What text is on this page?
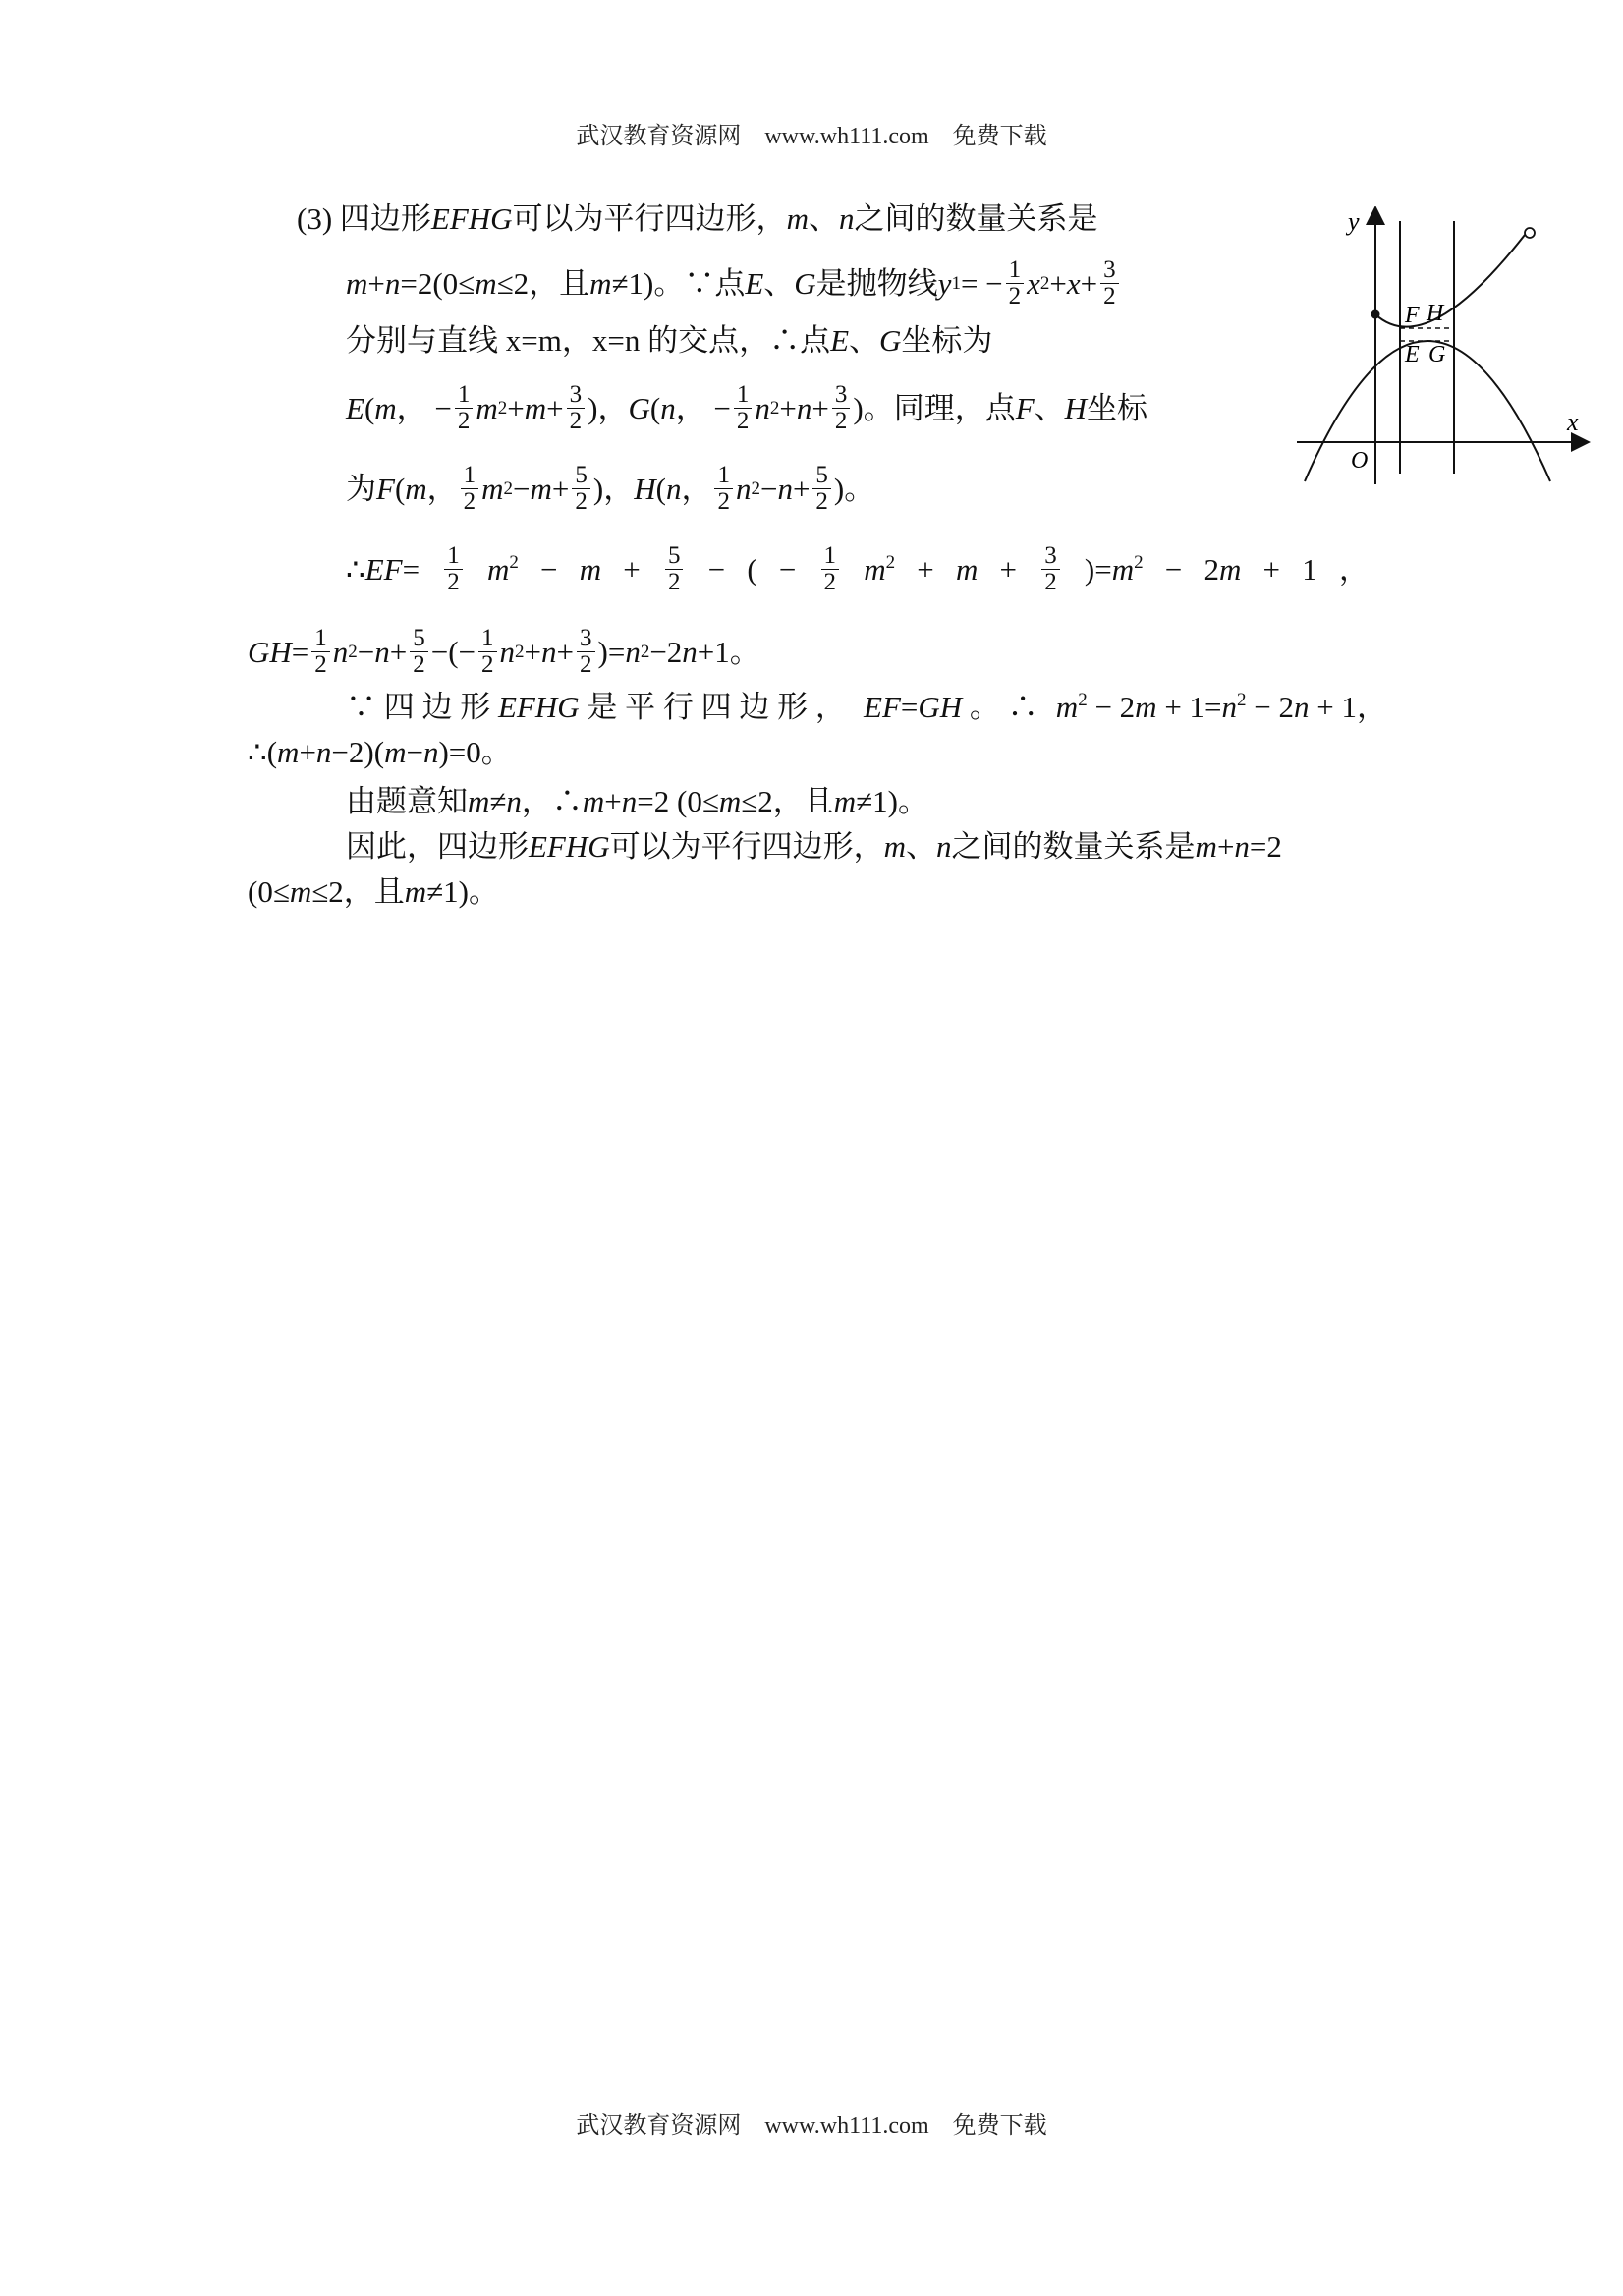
武汉教育资源网    www.wh111.com    免费下载
(3) 四边形 EFHG 可以为平行四边形， m 、 n 之间的数量关系是
m + n =2(0≤ m ≤2，且 m ≠1)。∵点 E 、 G 是抛物线 y 1 = − $\frac{1}{2}$ x $2 + x + \frac{3}{2}$
分别与直线 x=m，x=n 的交点，∴点 E 、 G 坐标为
E ( m ， − $\frac{1}{2}$ m $2 + m + \frac{3}{2}$ )， G ( n ， − $\frac{1}{2}$ n $2 + n + \frac{3}{2}$ )。同理，点 F 、 H 坐标
为 F ( m ， $\frac{1}{2}$ m $2 - m + \frac{5}{2}$ )， H ( n ， $\frac{1}{2}$ n $2 - n + \frac{5}{2}$ )。
∴EF= $\frac{1}{2} m^2 - m + \frac{5}{2}$ − ( − $\frac{1}{2} m^2 + m + \frac{3}{2} )=m^2 - 2m + 1$ ，
GH = $\frac{1}{2}$ n $2 - n + \frac{5}{2}$ −(− $\frac{1}{2}$ n $2 + n + \frac{3}{2}$ )= n 2 −2 n +1。
∵ 四 边 形 EFHG 是 平 行 四 边 形 ， EF=GH 。 ∴ $m^2 - 2m + 1=n^2 - 2n + 1$，
∴( m + n −2)( m − n )=0。
由题意知 m ≠ n ，∴ m + n =2 (0≤ m ≤2，且 m ≠1)。
因此，四边形 EFHG 可以为平行四边形， m 、 n 之间的数量关系是 m + n =2
(0≤ m ≤2，且 m ≠1)。
y
x
O
F H
E G
武汉教育资源网    www.wh111.com    免费下载
